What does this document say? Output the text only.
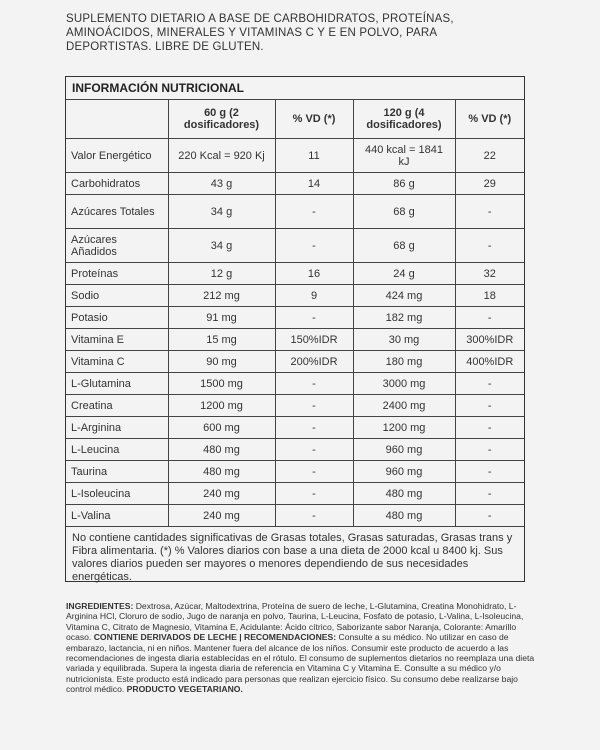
SUPLEMENTO DIETARIO A BASE DE CARBOHIDRATOS, PROTEÍNAS, AMINOÁCIDOS, MINERALES Y VITAMINAS C Y E EN POLVO, PARA DEPORTISTAS. LIBRE DE GLUTEN.
INFORMACIÓN NUTRICIONAL
	60 g (2 dosificadores)	% VD (*)	120 g (4 dosificadores)	% VD (*)
Valor Energético	220 Kcal = 920 Kj	11	440 kcal = 1841 kJ	22
Carbohidratos	43 g	14	86 g	29
Azúcares Totales	34 g	-	68 g	-
Azúcares Añadidos	34 g	-	68 g	-
Proteínas	12 g	16	24 g	32
Sodio	212 mg	9	424 mg	18
Potasio	91 mg	-	182 mg	-
Vitamina E	15 mg	150%IDR	30 mg	300%IDR
Vitamina C	90 mg	200%IDR	180 mg	400%IDR
L-Glutamina	1500 mg	-	3000 mg	-
Creatina	1200 mg	-	2400 mg	-
L-Arginina	600 mg	-	1200 mg	-
L-Leucina	480 mg	-	960 mg	-
Taurina	480 mg	-	960 mg	-
L-Isoleucina	240 mg	-	480 mg	-
L-Valina	240 mg	-	480 mg	-
No contiene cantidades significativas de Grasas totales, Grasas saturadas, Grasas trans y Fibra alimentaria. (*) % Valores diarios con base a una dieta de 2000 kcal u 8400 kj. Sus valores diarios pueden ser mayores o menores dependiendo de sus necesidades energéticas.
INGREDIENTES: Dextrosa, Azúcar, Maltodextrina, Proteína de suero de leche, L-Glutamina, Creatina Monohidrato, L-Arginina HCl, Cloruro de sodio, Jugo de naranja en polvo, Taurina, L-Leucina, Fosfato de potasio, L-Valina, L-Isoleucina, Vitamina C, Citrato de Magnesio, Vitamina E, Acidulante: Ácido cítrico, Saborizante sabor Naranja, Colorante: Amarillo ocaso. CONTIENE DERIVADOS DE LECHE | RECOMENDACIONES: Consulte a su médico. No utilizar en caso de embarazo, lactancia, ni en niños. Mantener fuera del alcance de los niños. Consumir este producto de acuerdo a las recomendaciones de ingesta diaria establecidas en el rótulo. El consumo de suplementos dietarios no reemplaza una dieta variada y equilibrada. Supera la ingesta diaria de referencia en Vitamina C y Vitamina E. Consulte a su médico y/o nutricionista. Este producto está indicado para personas que realizan ejercicio físico. Su consumo debe realizarse bajo control médico. PRODUCTO VEGETARIANO.
